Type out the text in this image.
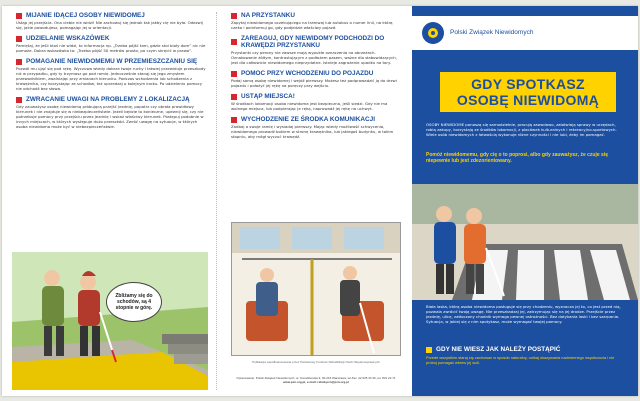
MIJANIE IDĄCEJ OSOBY NIEWIDOMEJ

Ustąp jej przejścia. Ona ciebie nie widzi! Nie zachowuj się jednak tak jakby cię nie było. Odezwij się, jakie powodujesz, pomagając jej w orientacji.

UDZIELANIE WSKAZÓWEK

Pamiętaj, że jeśli ktoś nie widzi, to informacja np. „Trzeba pójść tam, gdzie stoi biały dom” nic nie pomoże. Dobra wskazówka to: „Trzeba pójść 50 metrów prosto, po czym skręcić w prawo”.

POMAGANIE NIEWIDOMEMU W PRZEMIESZCZANIU SIĘ

Pozwól mu ująć się pod rękę. Wyczuwa wtedy dobrze twoje ruchy i łatwiej przewiduje przeszkody niż w przypadku, gdy ty trzymasz go pod ramię. Jednocześnie stanąj się jego zmysłem przewodnikiem, zwalniając przy zmianach kierunku. Podczas wchodzenia lub schodzenia z krawężnika, czy korzystając ze schodów, też uprzedzaj o kolejnym kroku. Po udzieleniu pomocy nie odchodź bez słowa.

ZWRACANIE UWAGI NA PROBLEMY Z LOKALIZACJĄ

Gdy zauważysz osobę niewidomą próbującą przejść jezdnię, popatrz czy obrała prawidłowy kierunek i nie znajduje się w niebezpieczeństwie. Jeżeli będzie to konieczne, upewnij się, czy nie potrzebuje pomocy przy przejściu przez jezdnię i wskaż właściwy kierunek. Postępuj podobnie w innych miejscach, w których występuje dużo przeszkód. Zwróć uwagę na sytuacje, w których osoba niewidoma może być w niebezpieczeństwie.

Zbliżamy się do schodów, są 4 stopnie w górę.
NA PRZYSTANKU

Zapytaj niewidomego oczekującego na tramwaj lub autobus o numer linii, na którą czeka i poinformuj go, gdy podjedzie właściwy pojazd.

ZAREAGUJ, GDY NIEWIDOMY PODCHODZI DO KRAWĘDZI PRZYSTANKU

Przystanki czy perony nie zawsze mają wypukłe oznaczenia na obrzeżach. Oznakowanie żółtym, kontrastującym z podłożem pasem, ważne dla słabowidzących, jest dla całkowicie niewidomego nieprzydatne. Istnieje zagrożenie upadku na tory.

POMOC PRZY WCHODZENIU DO POJAZDU

Podaj samą osobę niewidomej i wejdź pierwszy. Możesz też podprowadzić ją do drzwi pojazdu i położyć jej rękę na poręczy przy wejściu.

USTĄP MIEJSCA!

W środkach lokomocji osoba niewidoma jest bezpieczna, jeśli siedzi. Gdy nie ma wolnego miejsca, lub podpierając je ręką, naprowadź jej rękę na uchwyt.

WYCHODZENIE ZE ŚRODKA KOMUNIKACJI

Zadbaj o swoje ramię i wysiadaj pierwszy. Mając wtedy możliwość schwycenia, niewidomego prowadź bokiem w stronę krawężnika, lub jakiegoś budynku, w takim stopniu, aby mógł wyczuć krawędź.

Publikacja współfinansowana przez Państwowy Fundusz Rehabilitacji Osób Niepełnosprawnych
Opracowanie: Polski Związek Niewidomych, ul. Konwiktorska 9, 00-216 Warszawa, tel./fax: 22 635 33 36, tel. 831 22 71
www.pzn.org.pl, e-mail: rehab.pzn@pzn.org.pl
Polski Związek Niewidomych
GDY SPOTKASZ
OSOBĘ NIEWIDOMĄ
OSOBY NIEWIDOME ponoszą się samodzielnie, pracują zawodowo, załatwiają sprawy w urzędach, robią zakupy, korzystają ze środków lokomocji, z placówek kulturalnych i rekreacyjno-sportowych. Wiele osób niewidomych z łatwością wykonuje różne czynności i nie lubi, żeby im pomagać.
Pomóż niewidomemu, gdy cię o to poprosi, albo gdy zauważysz, że czuje się niepewnie lub jest zdezorientowany.
Biała laska, którą osoba niewidoma posługuje się przy chodzeniu, wyznacza jej to, co jest przed nią, pozwala zwrócić twoją uwagę. Nie przeszkadzaj jej, zatrzymując się na jej drodze. Przejście przez jezdnię, ulicę, zatłoczony chodnik wymaga pewnej ostrożności. Bez dotykania laski i bez szarpania. Sytuacja, w jakiej się z nim spotykasz, może wymagać twojej pomocy.
GDY NIE WIESZ JAK NALEŻY POSTĄPIĆ
Przede wszystkim staraj się zachować w sposób naturalny, unikaj okazywania nadmiernego współczucia i nie próbuj pomagać wbrew jej woli.
